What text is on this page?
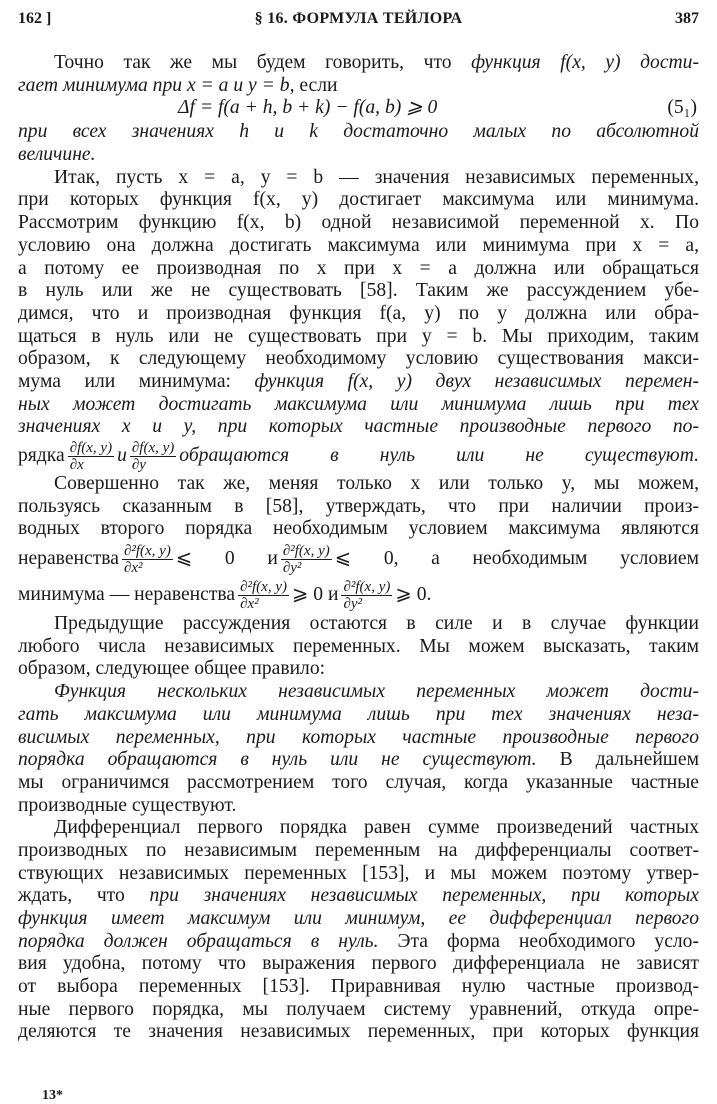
162 ]	§ 16. ФОРМУЛА ТЕЙЛОРА	387
Точно так же мы будем говорить, что функция f(x, y) дости-
гает минимума при x = a и y = b, если
Δf = f(a + h, b + k) − f(a, b) ⩾ 0	(5₁)
при всех значениях h и k достаточно малых по абсолютной
величине.
Итак, пусть x = a, y = b — значения независимых переменных,
при которых функция f(x, y) достигает максимума или минимума.
Рассмотрим функцию f(x, b) одной независимой переменной x. По
условию она должна достигать максимума или минимума при x = a,
а потому ее производная по x при x = a должна или обращаться
в нуль или же не существовать [58]. Таким же рассуждением убе-
димся, что и производная функция f(a, y) по y должна или обра-
щаться в нуль или не существовать при y = b. Мы приходим, таким
образом, к следующему необходимому условию существования макси-
мума или минимума: функция f(x, y) двух независимых перемен-
ных может достигать максимума или минимума лишь при тех
значениях x и y, при которых частные производные первого по-
рядка $\frac{\partial f(x, y)}{\partial x}$ и $\frac{\partial f(x, y)}{\partial y}$ обращаются в нуль или не существуют.
Совершенно так же, меняя только x или только y, мы можем,
пользуясь сказанным в [58], утверждать, что при наличии произ-
водных второго порядка необходимым условием максимума являются
неравенства $\frac{\text{∂²f(x, y)}}{\text{∂x²}}$ ⩽ 0 и $\frac{\text{∂²f(x, y)}}{\text{∂y²}}$ ⩽ 0, а необходимым условием
минимума — неравенства $\frac{\text{∂²f(x, y)}}{\text{∂x²}}$ ⩾ 0 и $\frac{\text{∂²f(x, y)}}{\text{∂y²}}$ ⩾ 0.
Предыдущие рассуждения остаются в силе и в случае функции
любого числа независимых переменных. Мы можем высказать, таким
образом, следующее общее правило:
Функция нескольких независимых переменных может дости-
гать максимума или минимума лишь при тех значениях неза-
висимых переменных, при которых частные производные первого
порядка обращаются в нуль или не существуют. В дальнейшем
мы ограничимся рассмотрением того случая, когда указанные частные
производные существуют.
Дифференциал первого порядка равен сумме произведений частных
производных по независимым переменным на дифференциалы соответ-
ствующих независимых переменных [153], и мы можем поэтому утвер-
ждать, что при значениях независимых переменных, при которых
функция имеет максимум или минимум, ее дифференциал первого
порядка должен обращаться в нуль. Эта форма необходимого усло-
вия удобна, потому что выражения первого дифференциала не зависят
от выбора переменных [153]. Приравнивая нулю частные производ-
ные первого порядка, мы получаем систему уравнений, откуда опре-
деляются те значения независимых переменных, при которых функция
13*
